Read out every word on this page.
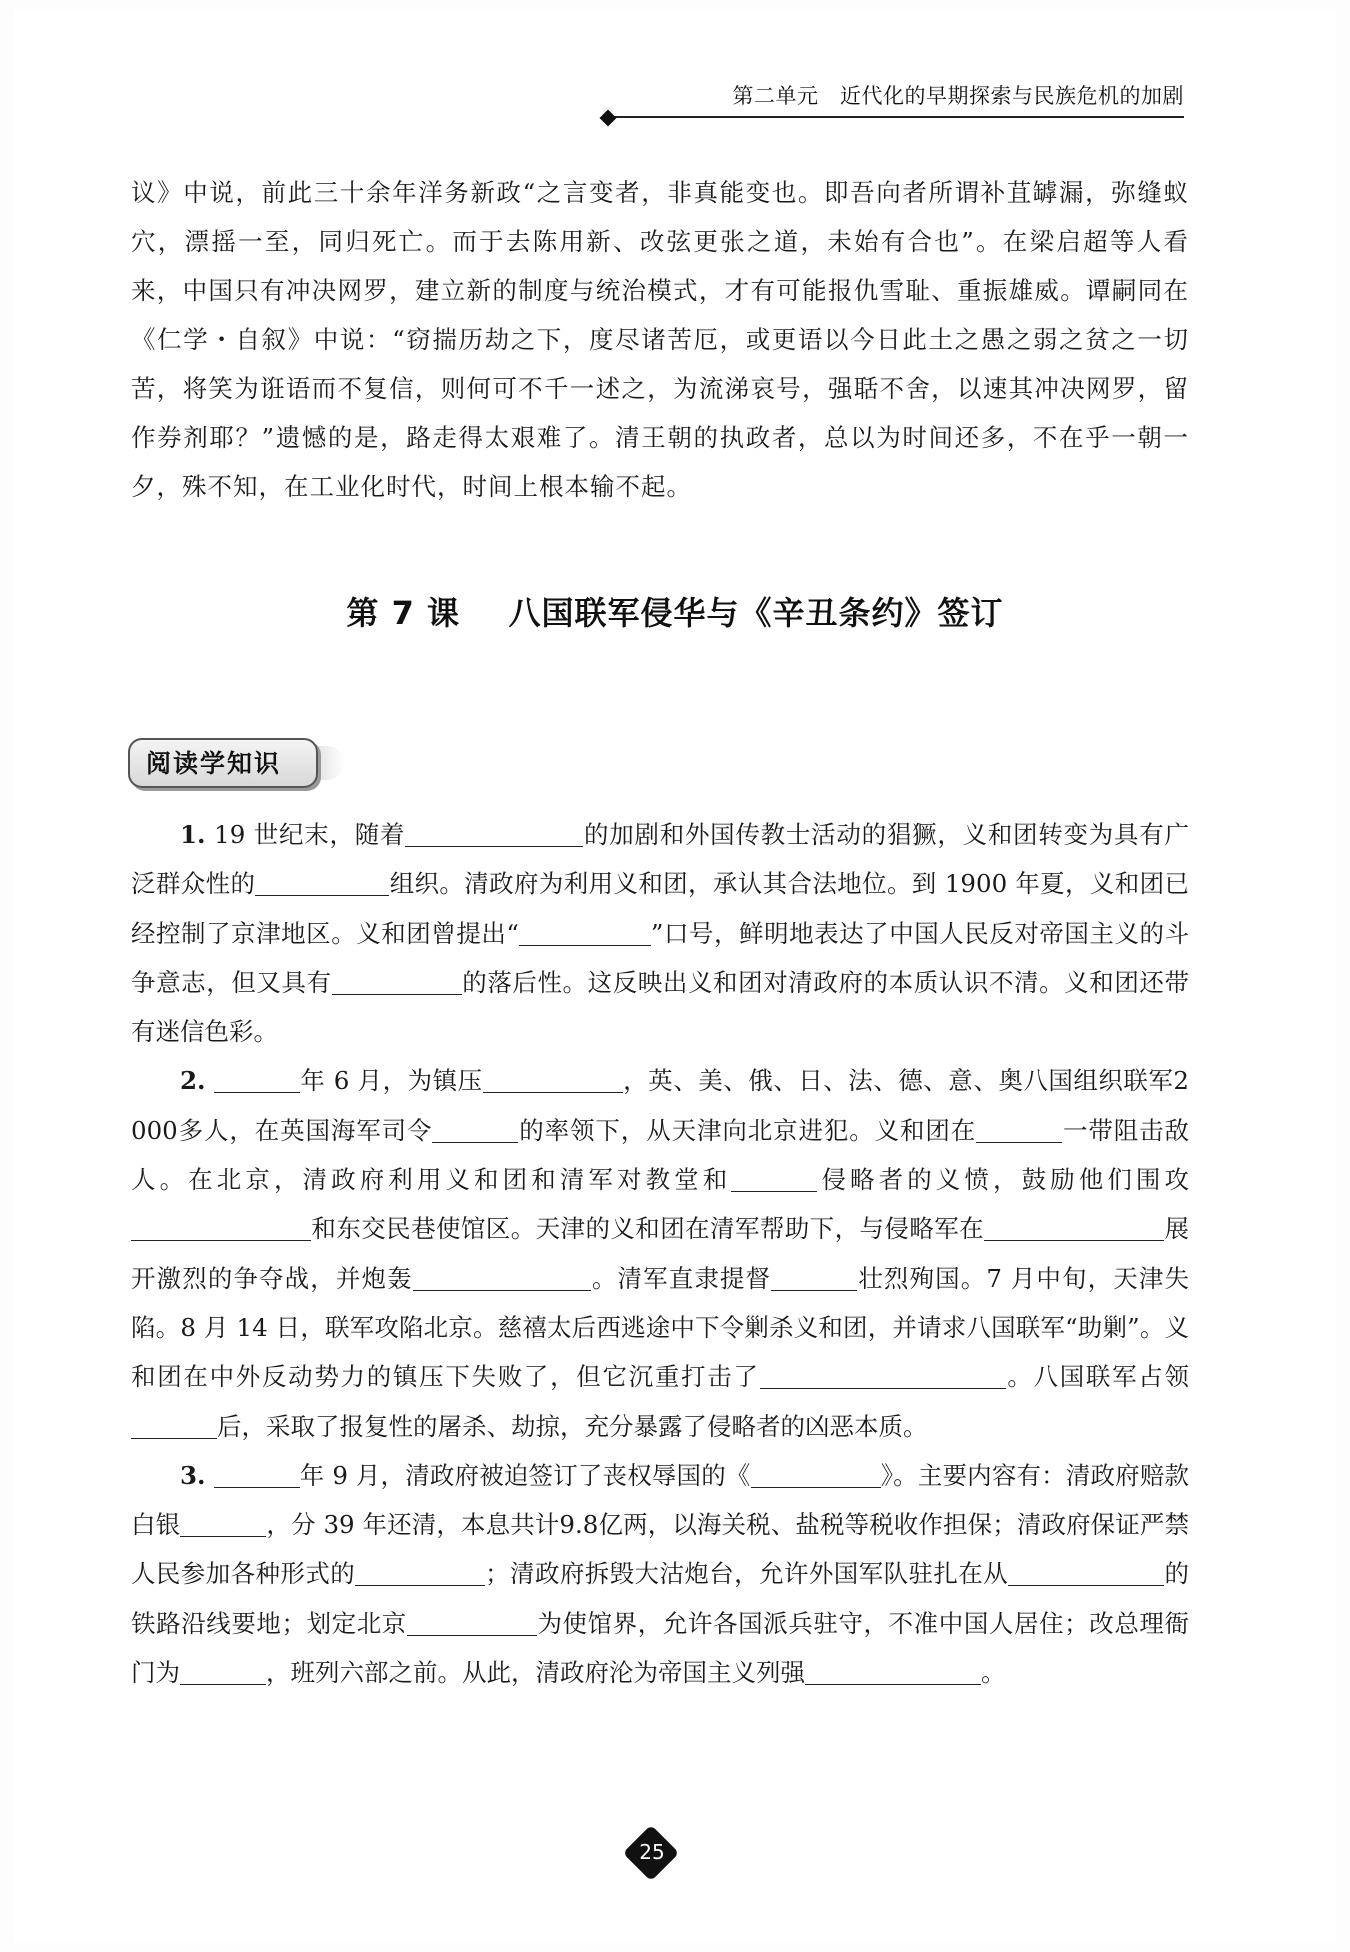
第二单元 近代化的早期探索与民族危机的加剧

议》中说，前此三十余年洋务新政“之言变者，非真能变也。即吾向者所谓补苴罅漏，弥缝蚁穴，漂摇一至，同归死亡。而于去陈用新、改弦更张之道，未始有合也”。在梁启超等人看来，中国只有冲决网罗，建立新的制度与统治模式，才有可能报仇雪耻、重振雄威。谭嗣同在《仁学・自叙》中说：“窃揣历劫之下，度尽诸苦厄，或更语以今日此土之愚之弱之贫之一切苦，将笑为诳语而不复信，则何可不千一述之，为流涕哀号，强聒不舍，以速其冲决网罗，留作券剂耶？”遗憾的是，路走得太艰难了。清王朝的执政者，总以为时间还多，不在乎一朝一夕，殊不知，在工业化时代，时间上根本输不起。

第 7 课 八国联军侵华与《辛丑条约》签订
阅读学知识

1. 19 世纪末，随着	的加剧和外国传教士活动的猖獗，义和团转变为具有广泛群众性的	组织。清政府为利用义和团，承认其合法地位。到 1900 年夏，义和团已经控制了京津地区。义和团曾提出“	”口号，鲜明地表达了中国人民反对帝国主义的斗争意志，但又具有	的落后性。这反映出义和团对清政府的本质认识不清。义和团还带有迷信色彩。

2.	年 6 月，为镇压	，英、美、俄、日、法、德、意、奥八国组织联军2 000多人，在英国海军司令	的率领下，从天津向北京进犯。义和团在	一带阻击敌人。在北京，清政府利用义和团和清军对教堂和	侵略者的义愤，鼓励他们围攻和东交民巷使馆区。天津的义和团在清军帮助下，与侵略军在	展开激烈的争夺战，并炮轰	。清军直隶提督	壮烈殉国。7 月中旬，天津失陷。8 月 14 日，联军攻陷北京。慈禧太后西逃途中下令剿杀义和团，并请求八国联军“助剿”。义和团在中外反动势力的镇压下失败了，但它沉重打击了	。八国联军占领后，采取了报复性的屠杀、劫掠，充分暴露了侵略者的凶恶本质。

3.	年 9 月，清政府被迫签订了丧权辱国的《	》。主要内容有：清政府赔款白银	，分 39 年还清，本息共计9.8亿两，以海关税、盐税等税收作担保；清政府保证严禁人民参加各种形式的	；清政府拆毁大沽炮台，允许外国军队驻扎在从	的铁路沿线要地；划定北京	为使馆界，允许各国派兵驻守，不准中国人居住；改总理衙门为	，班列六部之前。从此，清政府沦为帝国主义列强	。

25
